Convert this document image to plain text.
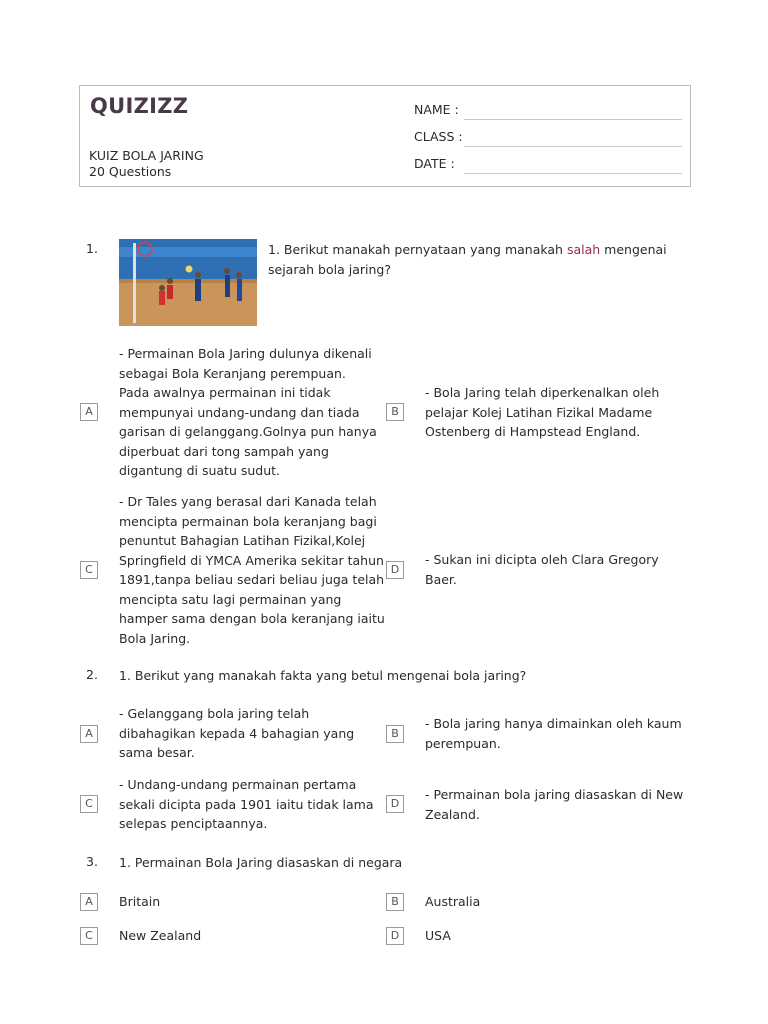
QUIZIZZ
KUIZ BOLA JARING
20 Questions
NAME :
CLASS :
DATE :
1.	1. Berikut manakah pernyataan yang manakah salah mengenai sejarah bola jaring?
A
- Permainan Bola Jaring dulunya dikenali sebagai Bola Keranjang perempuan.
Pada awalnya permainan ini tidak mempunyai undang-undang dan tiada garisan di gelanggang.Golnya pun hanya diperbuat dari tong sampah yang digantung di suatu sudut.
B
- Bola Jaring telah diperkenalkan oleh pelajar Kolej Latihan Fizikal Madame Ostenberg di Hampstead England.
C
- Dr Tales yang berasal dari Kanada telah mencipta permainan bola keranjang bagi penuntut Bahagian Latihan Fizikal,Kolej Springfield di YMCA Amerika sekitar tahun 1891,tanpa beliau sedari beliau juga telah mencipta satu lagi permainan yang hamper sama dengan bola keranjang iaitu Bola Jaring.
D
- Sukan ini dicipta oleh Clara Gregory Baer.
2. 1. Berikut yang manakah fakta yang betul mengenai bola jaring?
A
- Gelanggang bola jaring telah dibahagikan kepada 4 bahagian yang sama besar.
B
- Bola jaring hanya dimainkan oleh kaum perempuan.
C
- Undang-undang permainan pertama sekali dicipta pada 1901 iaitu tidak lama selepas penciptaannya.
D
- Permainan bola jaring diasaskan di New Zealand.
3. 1. Permainan Bola Jaring diasaskan di negara
A	Britain	B	Australia
C	New Zealand	D	USA
